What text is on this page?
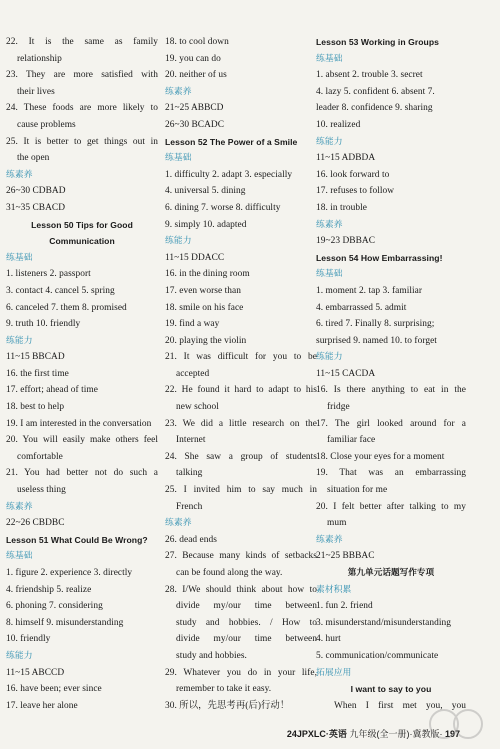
22. It is the same as family
relationship
23. They are more satisfied with
their lives
24. These foods are more likely to
cause problems
25. It is better to get things out in
the open
练素养
26~30 CDBAD
31~35 CBACD
Lesson 50 Tips for Good
Communication
练基础
1. listeners 2. passport
3. contact 4. cancel 5. spring
6. canceled 7. them 8. promised
9. truth 10. friendly
练能力
11~15 BBCAD
16. the first time
17. effort; ahead of time
18. best to help
19. I am interested in the conversation
20. You will easily make others feel
comfortable
21. You had better not do such a
useless thing
练素养
22~26 CBDBC
Lesson 51 What Could Be Wrong?
练基础
1. figure 2. experience 3. directly
4. friendship 5. realize
6. phoning 7. considering
8. himself 9. misunderstanding
10. friendly
练能力
11~15 ABCCD
16. have been; ever since
17. leave her alone
18. to cool down
19. you can do
20. neither of us
练素养
21~25 ABBCD
26~30 BCADC
Lesson 52 The Power of a Smile
练基础
1. difficulty 2. adapt 3. especially
4. universal 5. dining
6. dining 7. worse 8. difficulty
9. simply 10. adapted
练能力
11~15 DDACC
16. in the dining room
17. even worse than
18. smile on his face
19. find a way
20. playing the violin
21. It was difficult for you to be
accepted
22. He found it hard to adapt to his
new school
23. We did a little research on the
Internet
24. She saw a group of students
talking
25. I invited him to say much in
French
练素养
26. dead ends
27. Because many kinds of setbacks
can be found along the way.
28. I/We should think about how to
divide my/our time between
study and hobbies. / How to
divide my/our time between
study and hobbies.
29. Whatever you do in your life,
remember to take it easy.
30. 所以，先思考再(后)行动！
Lesson 53 Working in Groups
练基础
1. absent 2. trouble 3. secret
4. lazy 5. confident 6. absent 7.
leader 8. confidence 9. sharing
10. realized
练能力
11~15 ADBDA
16. look forward to
17. refuses to follow
18. in trouble
练素养
19~23 DBBAC
Lesson 54 How Embarrassing!
练基础
1. moment 2. tap 3. familiar
4. embarrassed 5. admit
6. tired 7. Finally 8. surprising;
surprised 9. named 10. to forget
练能力
11~15 CACDA
16. Is there anything to eat in the
fridge
17. The girl looked around for a
familiar face
18. Close your eyes for a moment
19. That was an embarrassing
situation for me
20. I felt better after talking to my
mum
练素养
21~25 BBBAC
第九单元话题写作专项
素材积累
1. fun 2. friend
3. misunderstand/misunderstanding
4. hurt
5. communication/communicate
拓展应用
I want to say to you
When I first met you, you
24JPXLC·英语 九年级(全一册)·冀教版· 197
